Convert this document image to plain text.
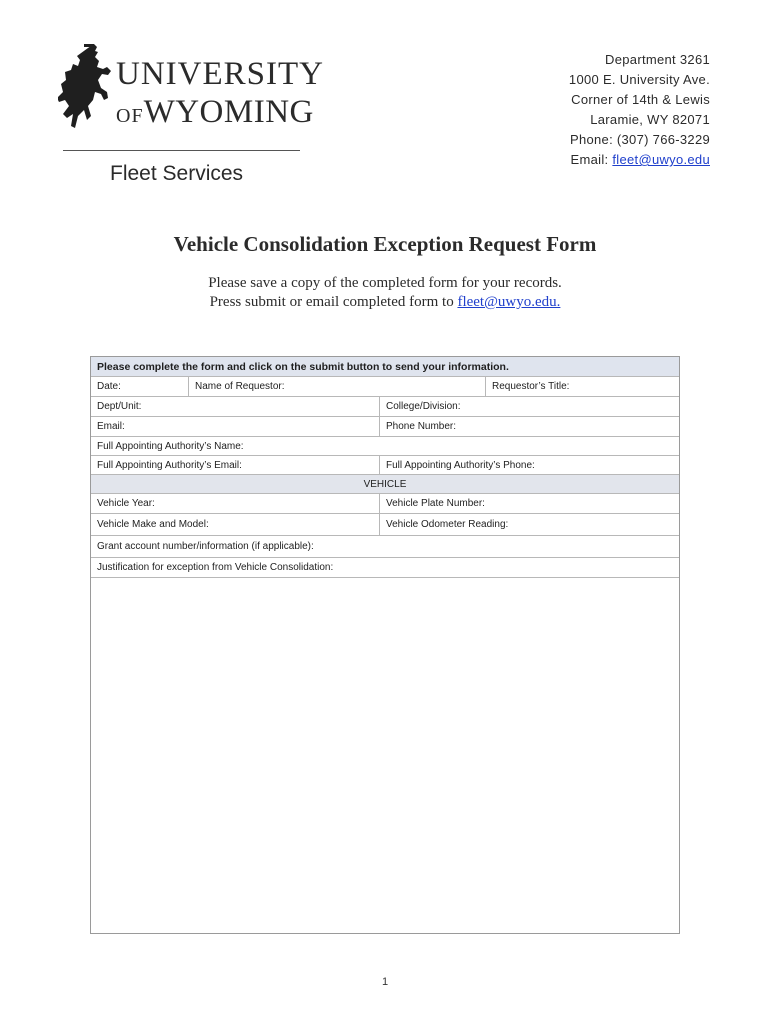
UNIVERSITY
OFWYOMING
Fleet Services
Department 3261
1000 E. University Ave.
Corner of 14th & Lewis
Laramie, WY 82071
Phone: (307) 766-3229
Email: fleet@uwyo.edu
Vehicle Consolidation Exception Request Form
Please save a copy of the completed form for your records.
Press submit or email completed form to fleet@uwyo.edu.
Please complete the form and click on the submit button to send your information.
Date:	Name of Requestor:	Requestor’s Title:
Dept/Unit:	College/Division:
Email:	Phone Number:
Full Appointing Authority’s Name:
Full Appointing Authority’s Email:	Full Appointing Authority’s Phone:
VEHICLE
Vehicle Year:	Vehicle Plate Number:
Vehicle Make and Model:	Vehicle Odometer Reading:
Grant account number/information (if applicable):
Justification for exception from Vehicle Consolidation:
1
